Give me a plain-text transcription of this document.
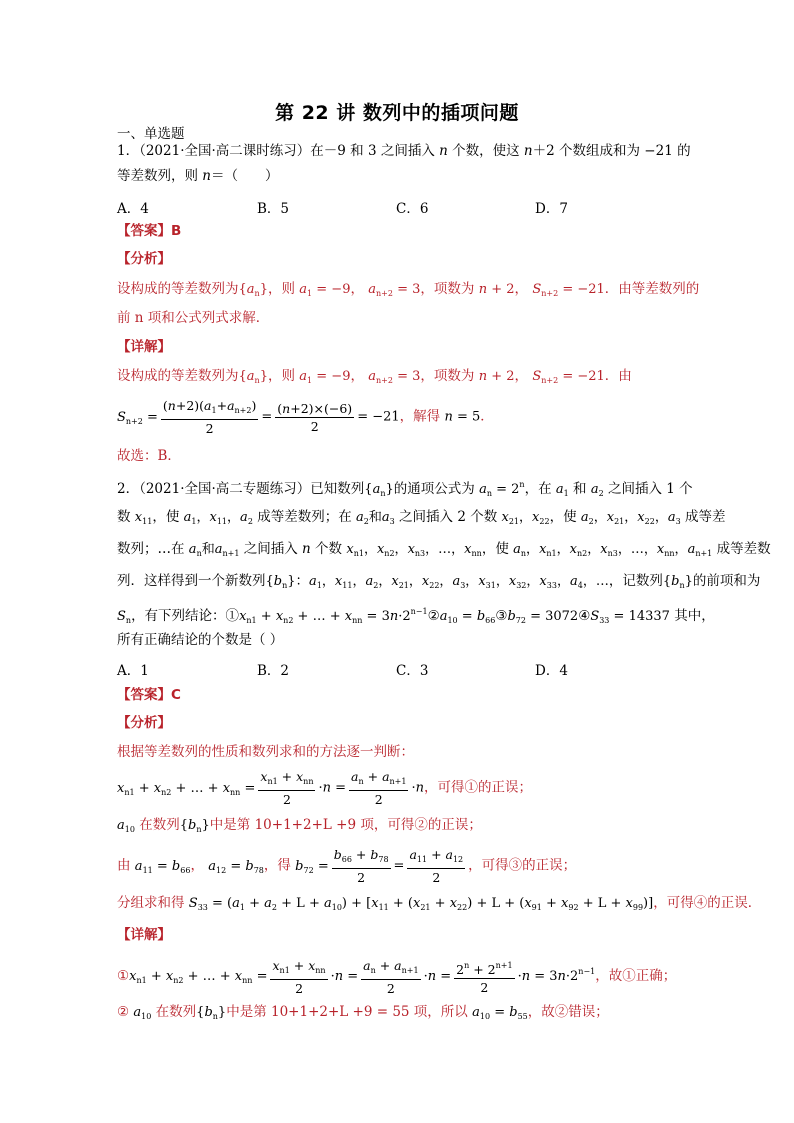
第 22 讲 数列中的插项问题
一、单选题
1．（2021·全国·高二课时练习）在－9 和 3 之间插入 n 个数，使这 n＋2 个数组成和为 −21 的
等差数列，则 n＝（　　）
A．4	B．5	C．6	D．7
【答案】B
【分析】
设构成的等差数列为$\{a_n\}$，则 $a_1 = -9$， $a_{n+2} = 3$，项数为 n + 2， $S_{n+2} = -21$．由等差数列的
前 n 项和公式列式求解．
【详解】
设构成的等差数列为$\{a_n\}$，则 $a_1 = -9$， $a_{n+2} = 3$，项数为 n + 2， $S_{n+2} = -21$．由
$S_{n+2} = \frac{(n+2)(a_1+a_{n+2})}{2} = \frac{(n+2)\times(-6)}{2} = -21$，解得 n = 5．
故选：B．
2．（2021·全国·高二专题练习）已知数列$\{a_n\}$的通项公式为 $a_n = 2^n$，在 $a_1$ 和 $a_2$ 之间插入 1 个
数 $x_{11}$，使 $a_1$，$x_{11}$，$a_2$ 成等差数列；在 $a_2$和$a_3$ 之间插入 2 个数 $x_{21}$，$x_{22}$，使 $a_2$，$x_{21}$，$x_{22}$，$a_3$ 成等差
数列；…在 $a_n$和$a_{n+1}$ 之间插入 n 个数 $x_{n1}$，$x_{n2}$，$x_{n3}$，…，$x_{nn}$，使 $a_n$，$x_{n1}$，$x_{n2}$，$x_{n3}$，…，$x_{nn}$，$a_{n+1}$ 成等差数
列．这样得到一个新数列$\{b_n\}$：$a_1$，$x_{11}$，$a_2$，$x_{21}$，$x_{22}$，$a_3$，$x_{31}$，$x_{32}$，$x_{33}$，$a_4$，…，记数列$\{b_n\}$的前项和为
$S_n$，有下列结论：$①x_{n1} + x_{n2}$ + … + $x_{nn}$ = $3n\cdot 2^{n-1}②a_{10}$ = $b_{66}③b_{72}$ = $3072④S_{33} = 14337$ 其中，
所有正确结论的个数是（ ）
A．1	B．2	C．3	D．4
【答案】C
【分析】
根据等差数列的性质和数列求和的方法逐一判断：
$x_{n1} + x_{n2}$ + … + $x_{nn} = \frac{x_{n1} + x_{nn}}{2} \cdot n = \frac{a_n + a_{n+1}}{2} \cdot n$，可得①的正误；
$a_{10}$ 在数列$\{b_n\}$中是第 10+1+2+L +9 项，可得②的正误；
由 $a_{11} = b_{66}$， $a_{12} = b_{78}$，得 $b_{72} = \frac{b_{66} + b_{78}}{2} = \frac{a_{11} + a_{12}}{2}$ ，可得③的正误；
分组求和得 $S_{33} = (a_1 + a_2 + L + a_{10}) + [x_{11} + (x_{21} + x_{22}) + L + (x_{91} + x_{92} + L + x_{99})]$，可得④的正误．
【详解】
$①x_{n1} + x_{n2}$ + … + $x_{nn} = \frac{x_{n1} + x_{nn}}{2} \cdot n = \frac{a_n + a_{n+1}}{2} \cdot n = \frac{2^n + 2^{n+1}}{2} \cdot n = 3n\cdot 2^{n-1}$，故①正确；
② $a_{10}$ 在数列$\{b_n\}$中是第 10+1+2+L +9 = 55 项，所以 $a_{10} = b_{55}$，故②错误；
